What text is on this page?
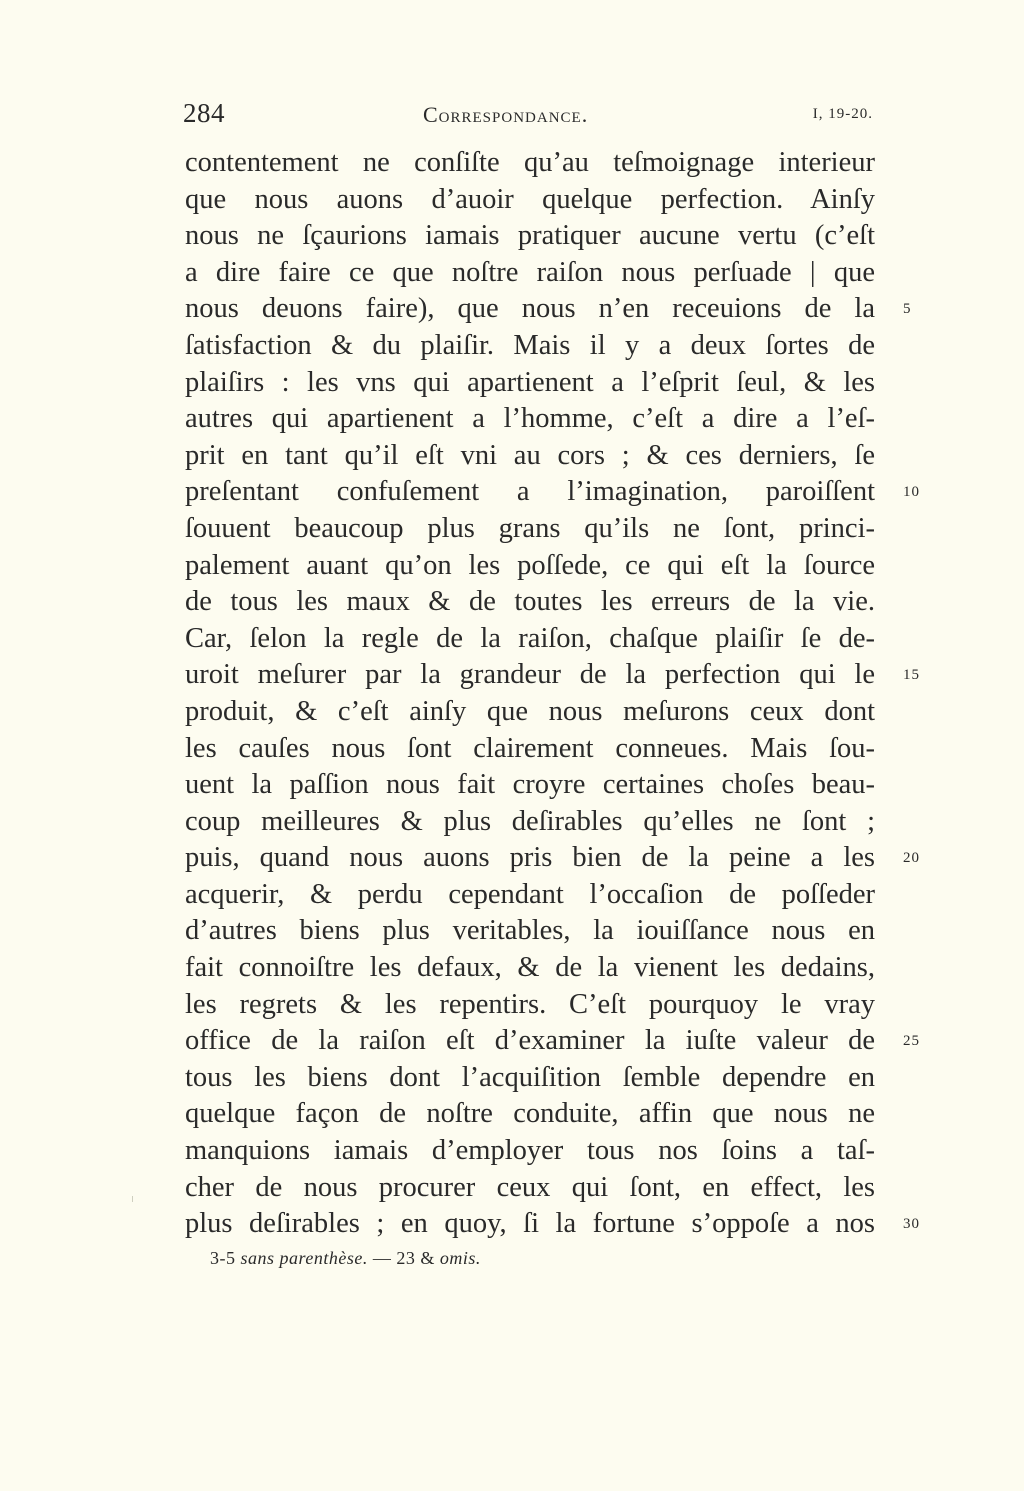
284	Correspondance.	I, 19-20.
contentement ne conſiſte qu’au teſmoignage interieur
que nous auons d’auoir quelque perfection. Ainſy
nous ne ſçaurions iamais pratiquer aucune vertu (c’eſt
a dire faire ce que noſtre raiſon nous perſuade | que
nous deuons faire), que nous n’en receuions de la 5
ſatisfaction & du plaiſir. Mais il y a deux ſortes de
plaiſirs : les vns qui apartienent a l’eſprit ſeul, & les
autres qui apartienent a l’homme, c’eſt a dire a l’eſ-
prit en tant qu’il eſt vni au cors ; & ces derniers, ſe
preſentant confuſement a l’imagination, paroiſſent 10
ſouuent beaucoup plus grans qu’ils ne ſont, princi-
palement auant qu’on les poſſede, ce qui eſt la ſource
de tous les maux & de toutes les erreurs de la vie.
Car, ſelon la regle de la raiſon, chaſque plaiſir ſe de-
uroit meſurer par la grandeur de la perfection qui le 15
produit, & c’eſt ainſy que nous meſurons ceux dont
les cauſes nous ſont clairement conneues. Mais ſou-
uent la paſſion nous fait croyre certaines choſes beau-
coup meilleures & plus deſirables qu’elles ne ſont ;
puis, quand nous auons pris bien de la peine a les 20
acquerir, & perdu cependant l’occaſion de poſſeder
d’autres biens plus veritables, la iouiſſance nous en
fait connoiſtre les defaux, & de la vienent les dedains,
les regrets & les repentirs. C’eſt pourquoy le vray
office de la raiſon eſt d’examiner la iuſte valeur de 25
tous les biens dont l’acquiſition ſemble dependre en
quelque façon de noſtre conduite, affin que nous ne
manquions iamais d’employer tous nos ſoins a taſ-
cher de nous procurer ceux qui ſont, en effect, les
plus deſirables ; en quoy, ſi la fortune s’oppoſe a nos 30
3-5 sans parenthèse. — 23 & omis.
